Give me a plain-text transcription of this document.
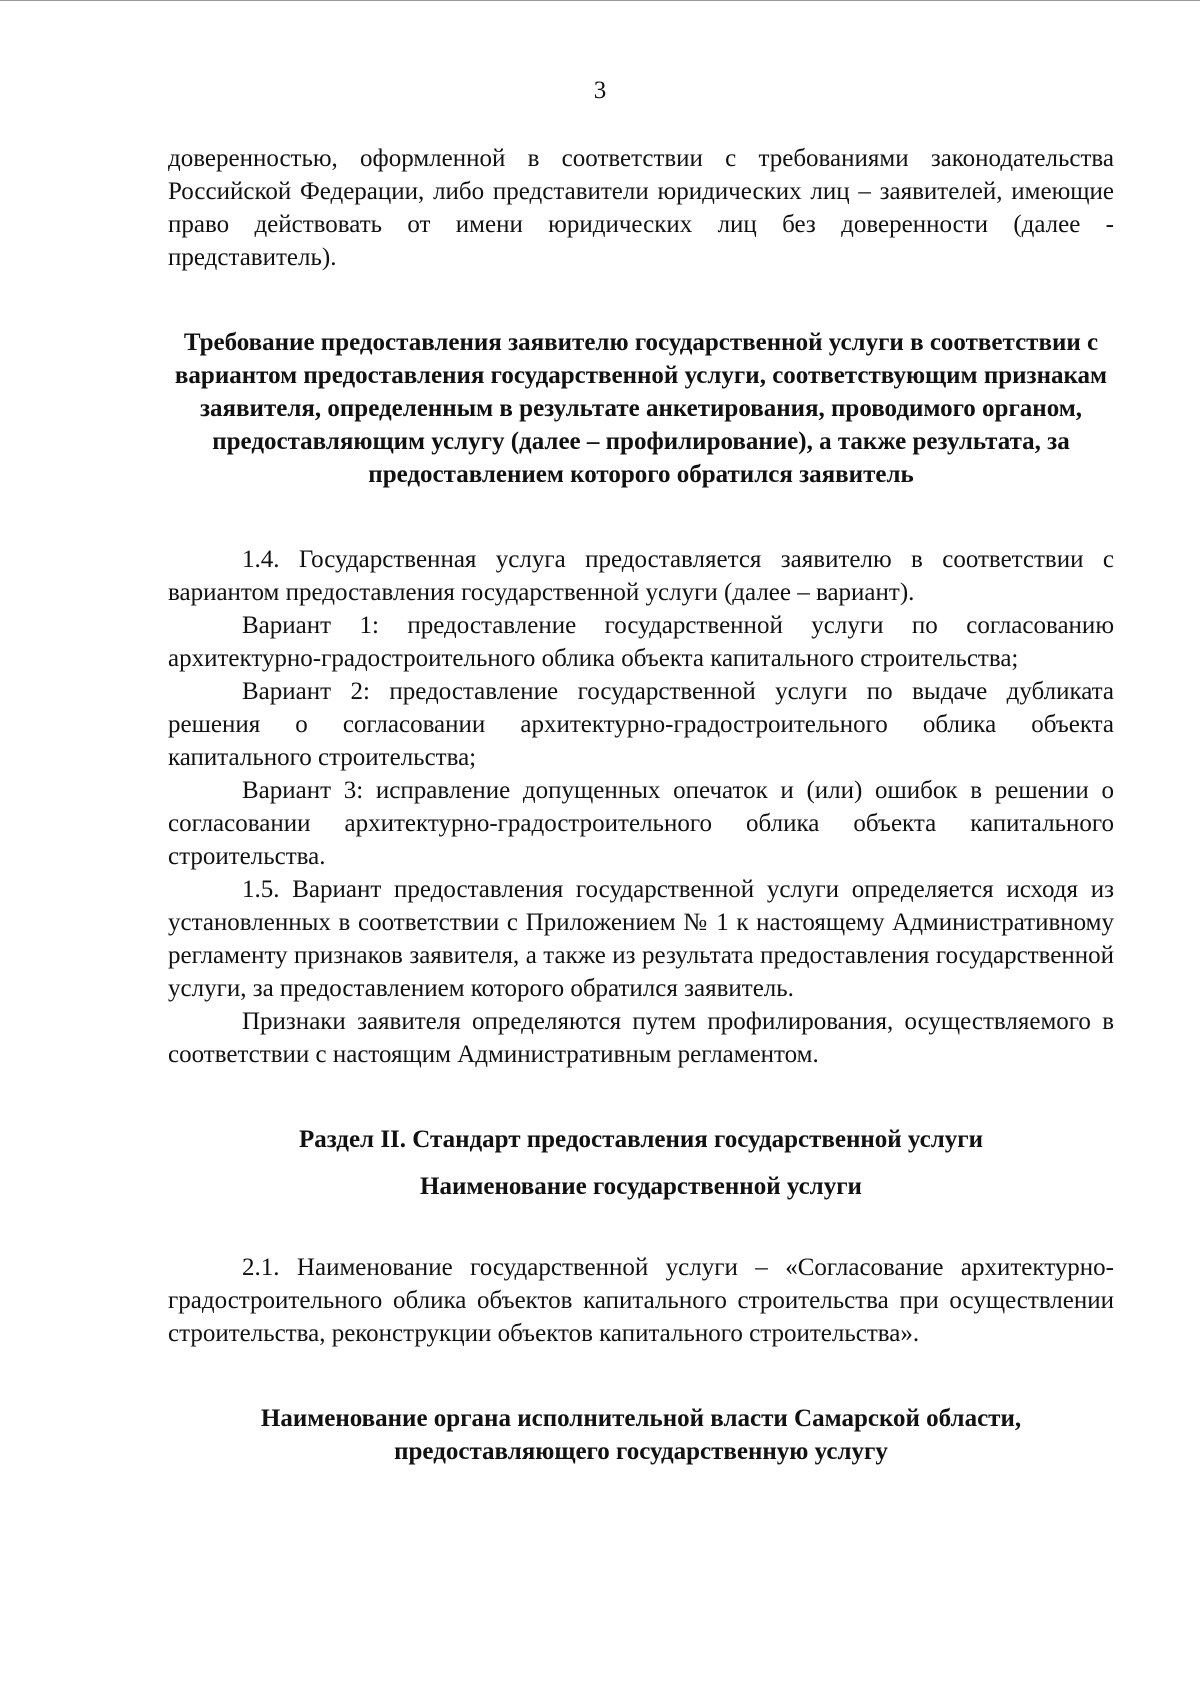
3

доверенностью, оформленной в соответствии с требованиями законодательства Российской Федерации, либо представители юридических лиц – заявителей, имеющие право действовать от имени юридических лиц без доверенности (далее - представитель).

Требование предоставления заявителю государственной услуги в соответствии с вариантом предоставления государственной услуги, соответствующим признакам заявителя, определенным в результате анкетирования, проводимого органом, предоставляющим услугу (далее – профилирование), а также результата, за предоставлением которого обратился заявитель

1.4. Государственная услуга предоставляется заявителю в соответствии с вариантом предоставления государственной услуги (далее – вариант).

Вариант 1: предоставление государственной услуги по согласованию архитектурно-градостроительного облика объекта капитального строительства;

Вариант 2: предоставление государственной услуги по выдаче дубликата решения о согласовании архитектурно-градостроительного облика объекта капитального строительства;

Вариант 3: исправление допущенных опечаток и (или) ошибок в решении о согласовании архитектурно-градостроительного облика объекта капитального строительства.

1.5. Вариант предоставления государственной услуги определяется исходя из установленных в соответствии с Приложением № 1 к настоящему Административному регламенту признаков заявителя, а также из результата предоставления государственной услуги, за предоставлением которого обратился заявитель.

Признаки заявителя определяются путем профилирования, осуществляемого в соответствии с настоящим Административным регламентом.

Раздел II. Стандарт предоставления государственной услуги

Наименование государственной услуги

2.1. Наименование государственной услуги – «Согласование архитектурно-градостроительного облика объектов капитального строительства при осуществлении строительства, реконструкции объектов капитального строительства».

Наименование органа исполнительной власти Самарской области, предоставляющего государственную услугу
